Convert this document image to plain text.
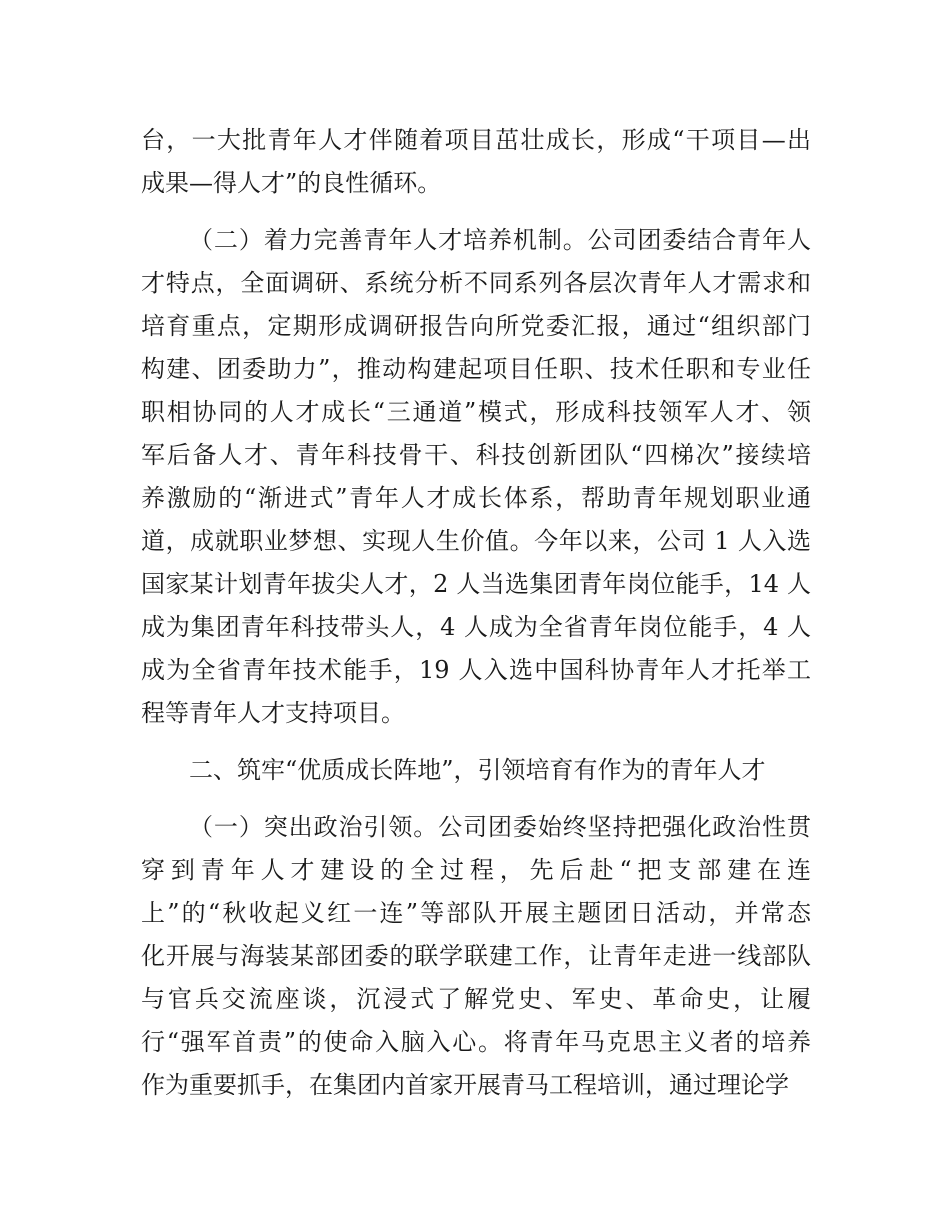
台，一大批青年人才伴随着项目茁壮成长，形成“干项目—出
成果—得人才”的良性循环。
（二）着力完善青年人才培养机制。公司团委结合青年人
才特点，全面调研、系统分析不同系列各层次青年人才需求和
培育重点，定期形成调研报告向所党委汇报，通过“组织部门
构建、团委助力”，推动构建起项目任职、技术任职和专业任
职相协同的人才成长“三通道”模式，形成科技领军人才、领
军后备人才、青年科技骨干、科技创新团队“四梯次”接续培
养激励的“渐进式”青年人才成长体系，帮助青年规划职业通
道，成就职业梦想、实现人生价值。今年以来，公司 1 人入选
国家某计划青年拔尖人才，2 人当选集团青年岗位能手，14 人
成为集团青年科技带头人，4 人成为全省青年岗位能手，4 人
成为全省青年技术能手，19 人入选中国科协青年人才托举工
程等青年人才支持项目。
二、筑牢“优质成长阵地”，引领培育有作为的青年人才
（一）突出政治引领。公司团委始终坚持把强化政治性贯
穿到青年人才建设的全过程，先后赴“把支部建在连
上”的“秋收起义红一连”等部队开展主题团日活动，并常态
化开展与海装某部团委的联学联建工作，让青年走进一线部队
与官兵交流座谈，沉浸式了解党史、军史、革命史，让履
行“强军首责”的使命入脑入心。将青年马克思主义者的培养
作为重要抓手，在集团内首家开展青马工程培训，通过理论学
